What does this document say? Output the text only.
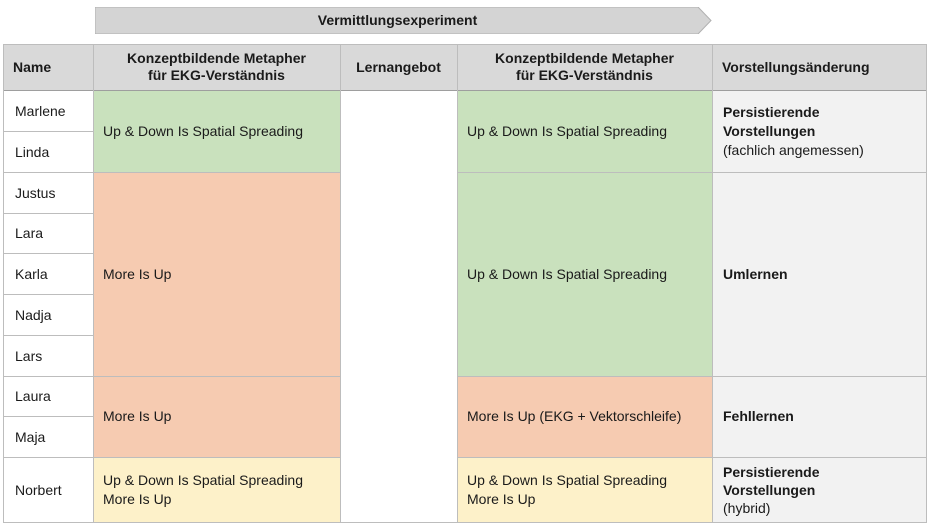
Vermittlungsexperiment
Name
Konzeptbildende Metapher
für EKG-Verständnis
Lernangebot
Konzeptbildende Metapher
für EKG-Verständnis
Vorstellungsänderung
Marlene
Linda
Justus
Lara
Karla
Nadja
Lars
Laura
Maja
Norbert
Up & Down Is Spatial Spreading
More Is Up
More Is Up
Up & Down Is Spatial Spreading
More Is Up
Up & Down Is Spatial Spreading
Up & Down Is Spatial Spreading
More Is Up (EKG + Vektorschleife)
Up & Down Is Spatial Spreading
More Is Up
Persistierende
Vorstellungen
(fachlich angemessen)
Umlernen
Fehllernen
Persistierende
Vorstellungen
(hybrid)
